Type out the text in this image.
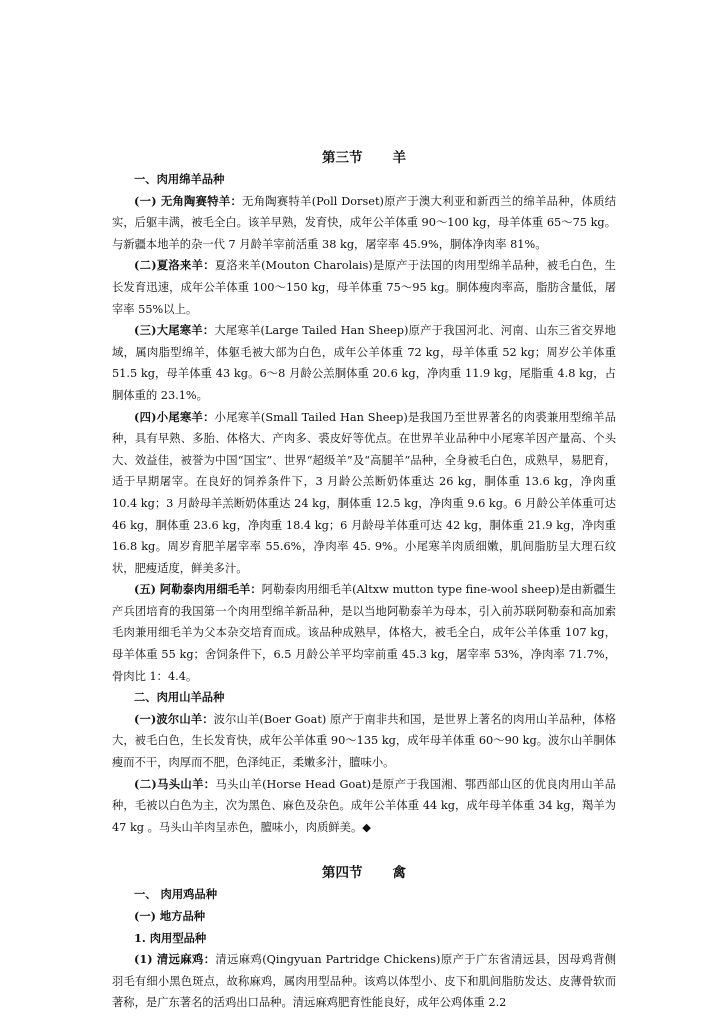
第三节 羊
一、肉用绵羊品种

(一) 无角陶赛特羊：无角陶赛特羊(Poll Dorset)原产于澳大利亚和新西兰的绵羊品种，体质结实，后躯丰满，被毛全白。该羊早熟，发育快，成年公羊体重 90～100 kg，母羊体重 65～75 kg。与新疆本地羊的杂一代 7 月龄羊宰前活重 38 kg，屠宰率 45.9%，胴体净肉率 81%。

(二)夏洛来羊：夏洛来羊(Mouton Charolais)是原产于法国的肉用型绵羊品种，被毛白色，生长发育迅速，成年公羊体重 100～150 kg，母羊体重 75～95 kg。胴体瘦肉率高，脂肪含量低，屠宰率 55%以上。

(三)大尾寒羊：大尾寒羊(Large Tailed Han Sheep)原产于我国河北、河南、山东三省交界地域，属肉脂型绵羊，体躯毛被大部为白色，成年公羊体重 72 kg，母羊体重 52 kg；周岁公羊体重 51.5 kg，母羊体重 43 kg。6～8 月龄公羔胴体重 20.6 kg，净肉重 11.9 kg，尾脂重 4.8 kg，占胴体重的 23.1%。

(四)小尾寒羊：小尾寒羊(Small Tailed Han Sheep)是我国乃至世界著名的肉裘兼用型绵羊品种，具有早熟、多胎、体格大、产肉多、裘皮好等优点。在世界羊业品种中小尾寒羊因产量高、个头大、效益佳，被誉为中国“国宝”、世界“超级羊”及“高腿羊”品种，全身被毛白色，成熟早，易肥育，适于早期屠宰。在良好的饲养条件下，3 月龄公羔断奶体重达 26 kg，胴体重 13.6 kg，净肉重 10.4 kg；3 月龄母羊羔断奶体重达 24 kg，胴体重 12.5 kg，净肉重 9.6 kg。6 月龄公羊体重可达 46 kg，胴体重 23.6 kg，净肉重 18.4 kg；6 月龄母羊体重可达 42 kg，胴体重 21.9 kg，净肉重 16.8 kg。周岁育肥羊屠宰率 55.6%，净肉率 45. 9%。小尾寒羊肉质细嫩，肌间脂肪呈大理石纹状，肥瘦适度，鲜美多汁。

(五) 阿勒泰肉用细毛羊：阿勒泰肉用细毛羊(Altxw mutton type fine-wool sheep)是由新疆生产兵团培育的我国第一个肉用型绵羊新品种，是以当地阿勒泰羊为母本，引入前苏联阿勒泰和高加索毛肉兼用细毛羊为父本杂交培育而成。该品种成熟早，体格大，被毛全白，成年公羊体重 107 kg，母羊体重 55 kg；舍饲条件下，6.5 月龄公羊平均宰前重 45.3 kg，屠宰率 53%，净肉率 71.7%，骨肉比 1：4.4。

二、肉用山羊品种

(一)波尔山羊：波尔山羊(Boer Goat) 原产于南非共和国，是世界上著名的肉用山羊品种，体格大，被毛白色，生长发育快，成年公羊体重 90～135 kg，成年母羊体重 60～90 kg。波尔山羊胴体瘦而不干，肉厚而不肥，色泽纯正，柔嫩多汁，膻味小。

(二)马头山羊：马头山羊(Horse Head Goat)是原产于我国湘、鄂西部山区的优良肉用山羊品种，毛被以白色为主，次为黑色、麻色及杂色。成年公羊体重 44 kg，成年母羊体重 34 kg，羯羊为 47 kg 。马头山羊肉呈赤色，膻味小，肉质鲜美。◆

第四节 禽
一、 肉用鸡品种
(一) 地方品种
1. 肉用型品种

(1) 清远麻鸡：清远麻鸡(Qingyuan Partridge Chickens)原产于广东省清远县，因母鸡背侧羽毛有细小黑色斑点，故称麻鸡，属肉用型品种。该鸡以体型小、皮下和肌间脂肪发达、皮薄骨软而著称，是广东著名的活鸡出口品种。清远麻鸡肥育性能良好，成年公鸡体重 2.2
